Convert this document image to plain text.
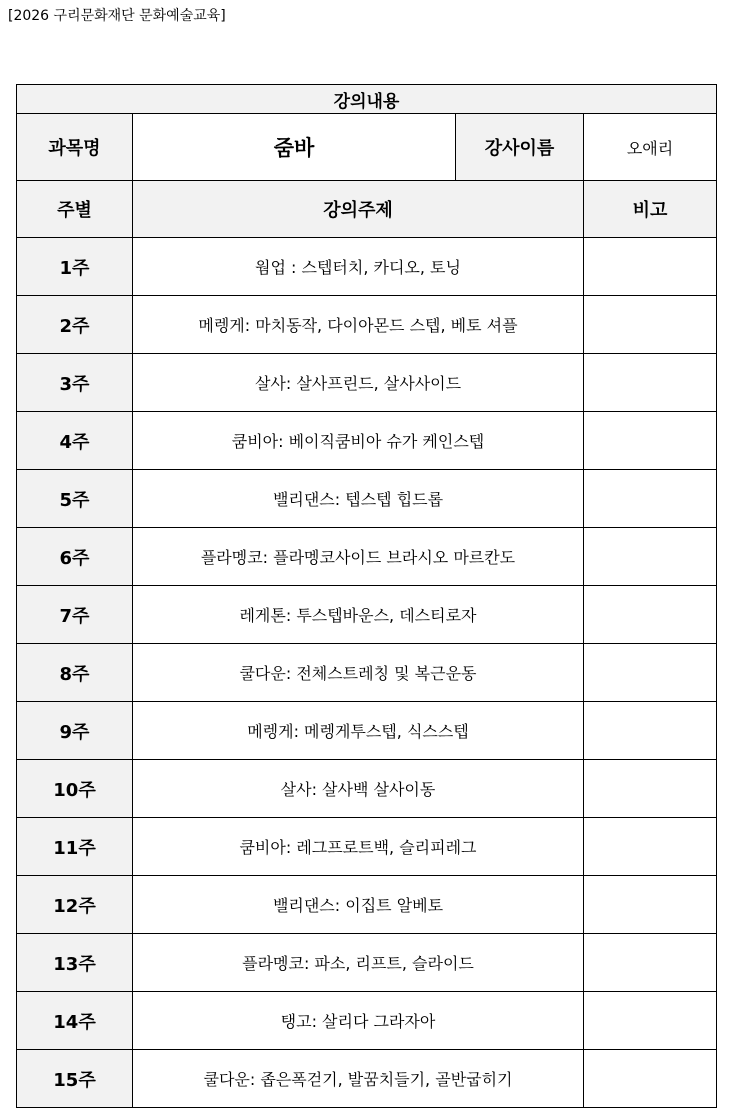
[2026 구리문화재단 문화예술교육]
강의내용			
과목명	줌바	강사이름	오애리
주별	강의주제		비고
1주	웜업 : 스텝터치, 카디오, 토닝		
2주	메렝게: 마치동작, 다이아몬드 스텝, 베토 셔플		
3주	살사: 살사프린드, 살사사이드		
4주	쿰비아: 베이직쿰비아 슈가 케인스텝		
5주	밸리댄스: 텝스텝 힙드롭		
6주	플라멩코: 플라멩코사이드 브라시오 마르칸도		
7주	레게톤: 투스텝바운스, 데스티로자		
8주	쿨다운: 전체스트레칭 및 복근운동		
9주	메렝게: 메렝게투스텝, 식스스텝		
10주	살사: 살사백 살사이동		
11주	쿰비아: 레그프로트백, 슬리피레그		
12주	밸리댄스: 이집트 알베토		
13주	플라멩코: 파소, 리프트, 슬라이드		
14주	탱고: 살리다 그라자아		
15주	쿨다운: 좁은폭걷기, 발꿈치들기, 골반굽히기		
